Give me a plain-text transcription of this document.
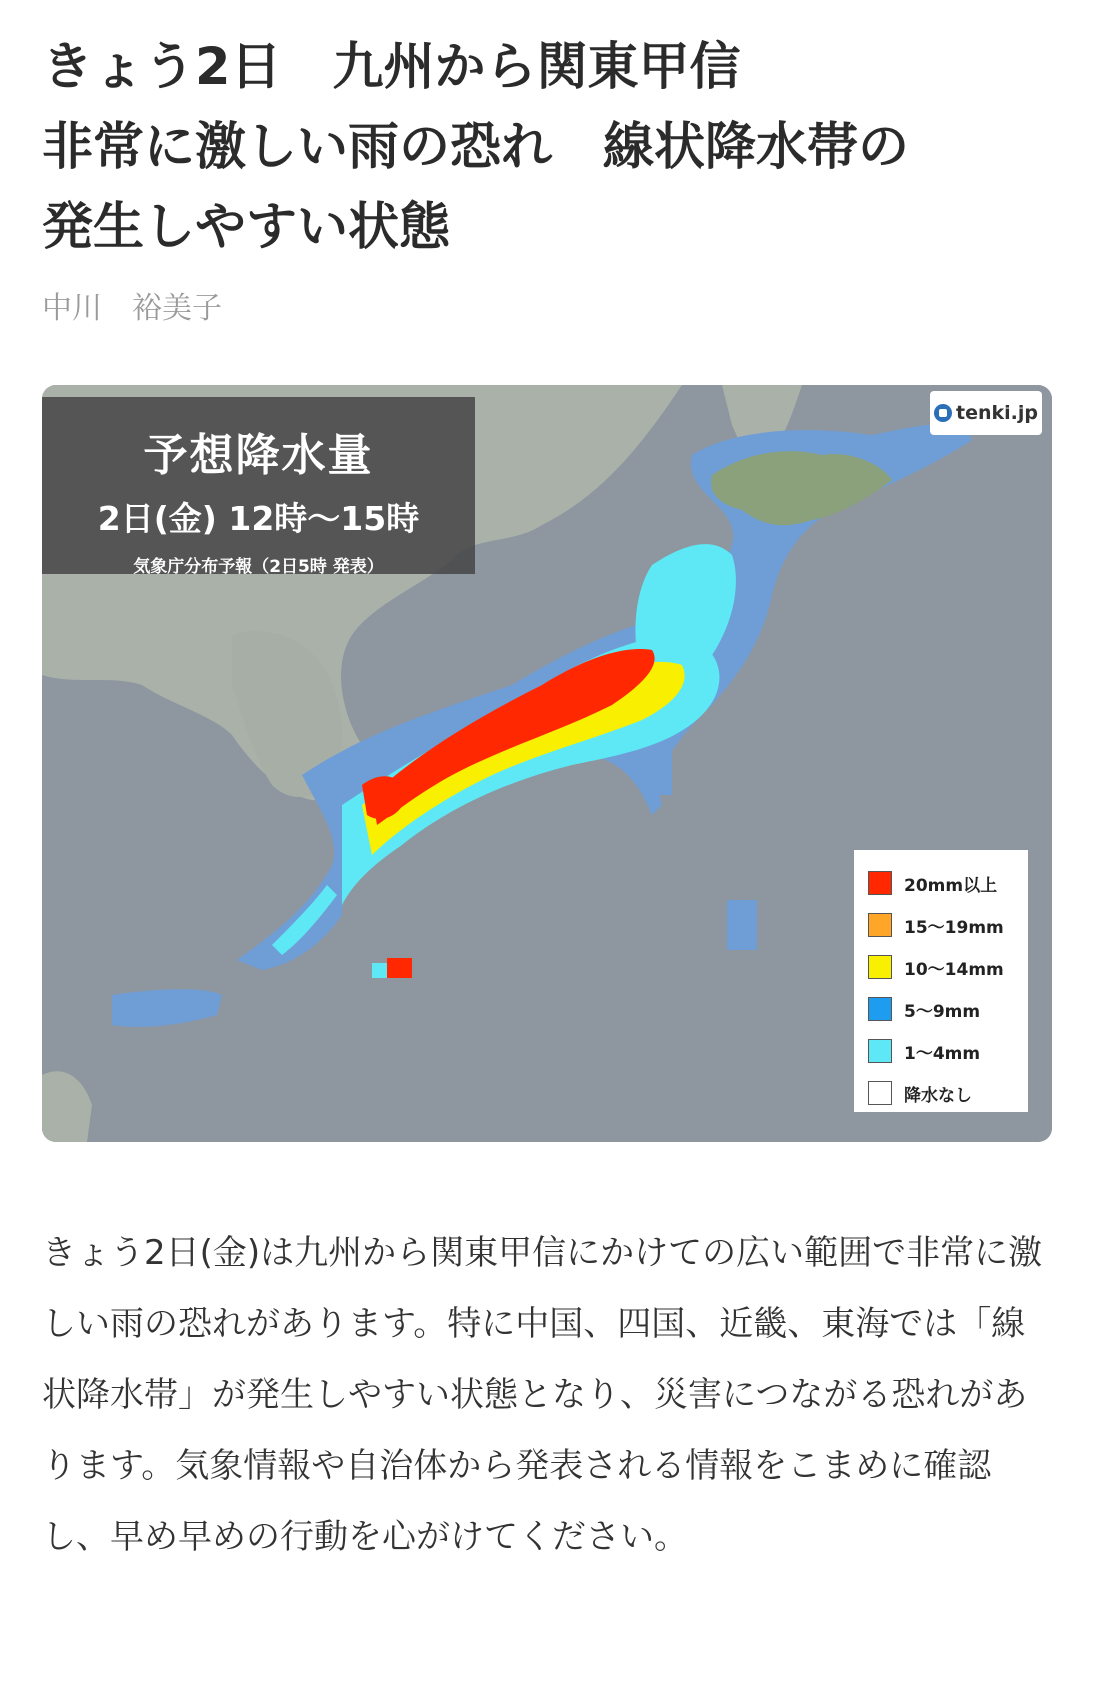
きょう2日　九州から関東甲信
非常に激しい雨の恐れ　線状降水帯の
発生しやすい状態
中川　裕美子
予想降水量
2日(金) 12時〜15時
気象庁分布予報（2日5時 発表）
tenki.jp
20mm以上
15〜19mm
10〜14mm
5〜9mm
1〜4mm
降水なし

きょう2日(金)は九州から関東甲信にかけての広い範囲で非常に激しい雨の恐れがあります。特に中国、四国、近畿、東海では「線状降水帯」が発生しやすい状態となり、災害につながる恐れがあります。気象情報や自治体から発表される情報をこまめに確認し、早め早めの行動を心がけてください。
